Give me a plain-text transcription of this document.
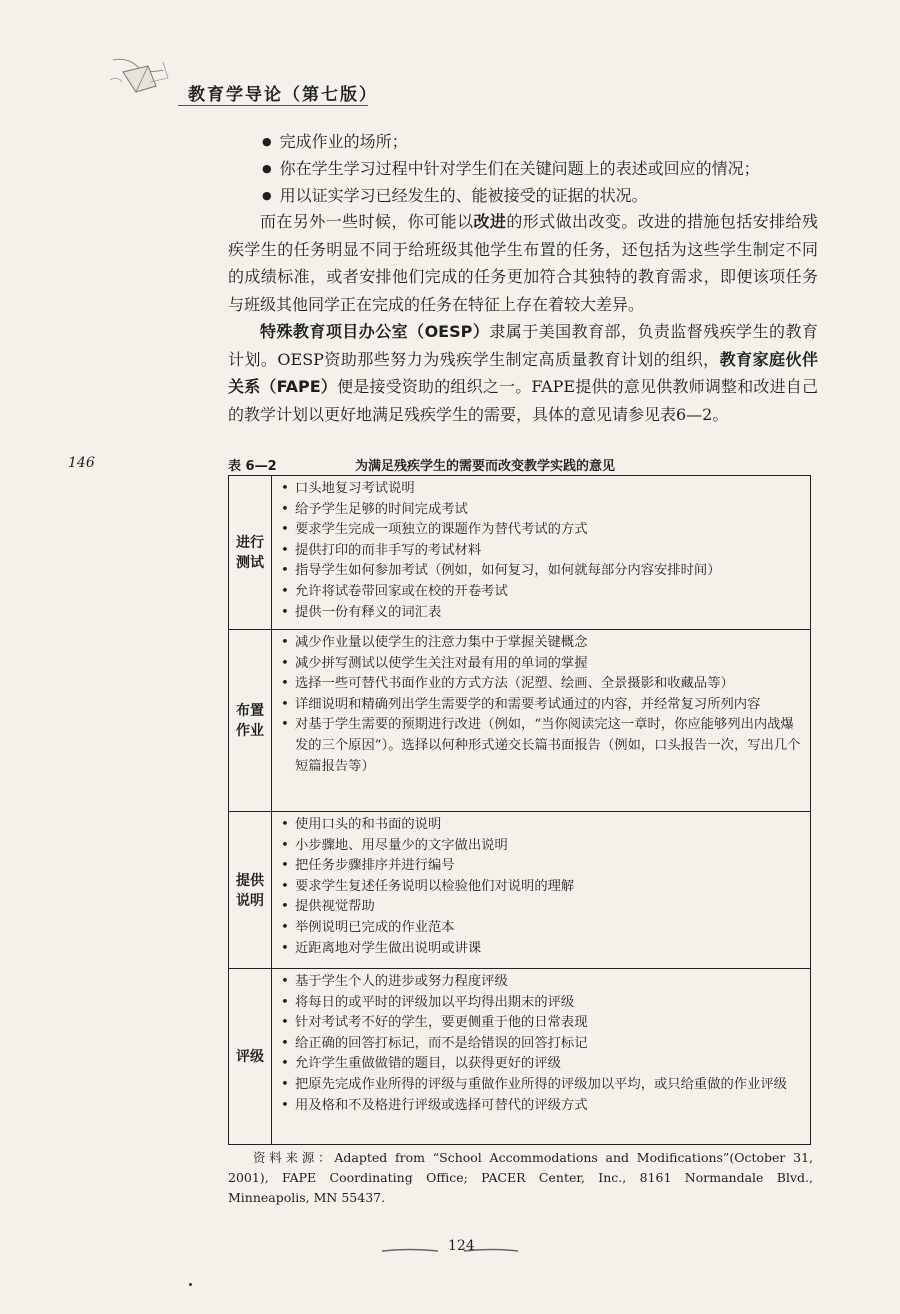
教育学导论（第七版）
● 完成作业的场所；
● 你在学生学习过程中针对学生们在关键问题上的表述或回应的情况；
● 用以证实学习已经发生的、能被接受的证据的状况。

而在另外一些时候，你可能以改进的形式做出改变。改进的措施包括安排给残疾学生的任务明显不同于给班级其他学生布置的任务，还包括为这些学生制定不同的成绩标准，或者安排他们完成的任务更加符合其独特的教育需求，即便该项任务与班级其他同学正在完成的任务在特征上存在着较大差异。

特殊教育项目办公室（OESP）隶属于美国教育部，负责监督残疾学生的教育计划。OESP资助那些努力为残疾学生制定高质量教育计划的组织，教育家庭伙伴关系（FAPE）便是接受资助的组织之一。FAPE提供的意见供教师调整和改进自己的教学计划以更好地满足残疾学生的需要，具体的意见请参见表6—2。

146	表 6—2	为满足残疾学生的需要而改变教学实践的意见
进行测试
• 口头地复习考试说明
• 给予学生足够的时间完成考试
• 要求学生完成一项独立的课题作为替代考试的方式
• 提供打印的而非手写的考试材料
• 指导学生如何参加考试（例如，如何复习，如何就每部分内容安排时间）
• 允许将试卷带回家或在校的开卷考试
• 提供一份有释义的词汇表
布置作业
• 减少作业量以使学生的注意力集中于掌握关键概念
• 减少拼写测试以使学生关注对最有用的单词的掌握
• 选择一些可替代书面作业的方式方法（泥塑、绘画、全景摄影和收藏品等）
• 详细说明和精确列出学生需要学的和需要考试通过的内容，并经常复习所列内容
• 对基于学生需要的预期进行改进（例如，“当你阅读完这一章时，你应能够列出内战爆发的三个原因”）。选择以何种形式递交长篇书面报告（例如，口头报告一次，写出几个短篇报告等）
提供说明
• 使用口头的和书面的说明
• 小步骤地、用尽量少的文字做出说明
• 把任务步骤排序并进行编号
• 要求学生复述任务说明以检验他们对说明的理解
• 提供视觉帮助
• 举例说明已完成的作业范本
• 近距离地对学生做出说明或讲课
评级
• 基于学生个人的进步或努力程度评级
• 将每日的或平时的评级加以平均得出期末的评级
• 针对考试考不好的学生，要更侧重于他的日常表现
• 给正确的回答打标记，而不是给错误的回答打标记
• 允许学生重做做错的题目，以获得更好的评级
• 把原先完成作业所得的评级与重做作业所得的评级加以平均，或只给重做的作业评级
• 用及格和不及格进行评级或选择可替代的评级方式

资料来源：Adapted from “School Accommodations and Modifications”(October 31, 2001), FAPE Coordinating Office; PACER Center, Inc., 8161 Normandale Blvd., Minneapolis, MN 55437.

124
